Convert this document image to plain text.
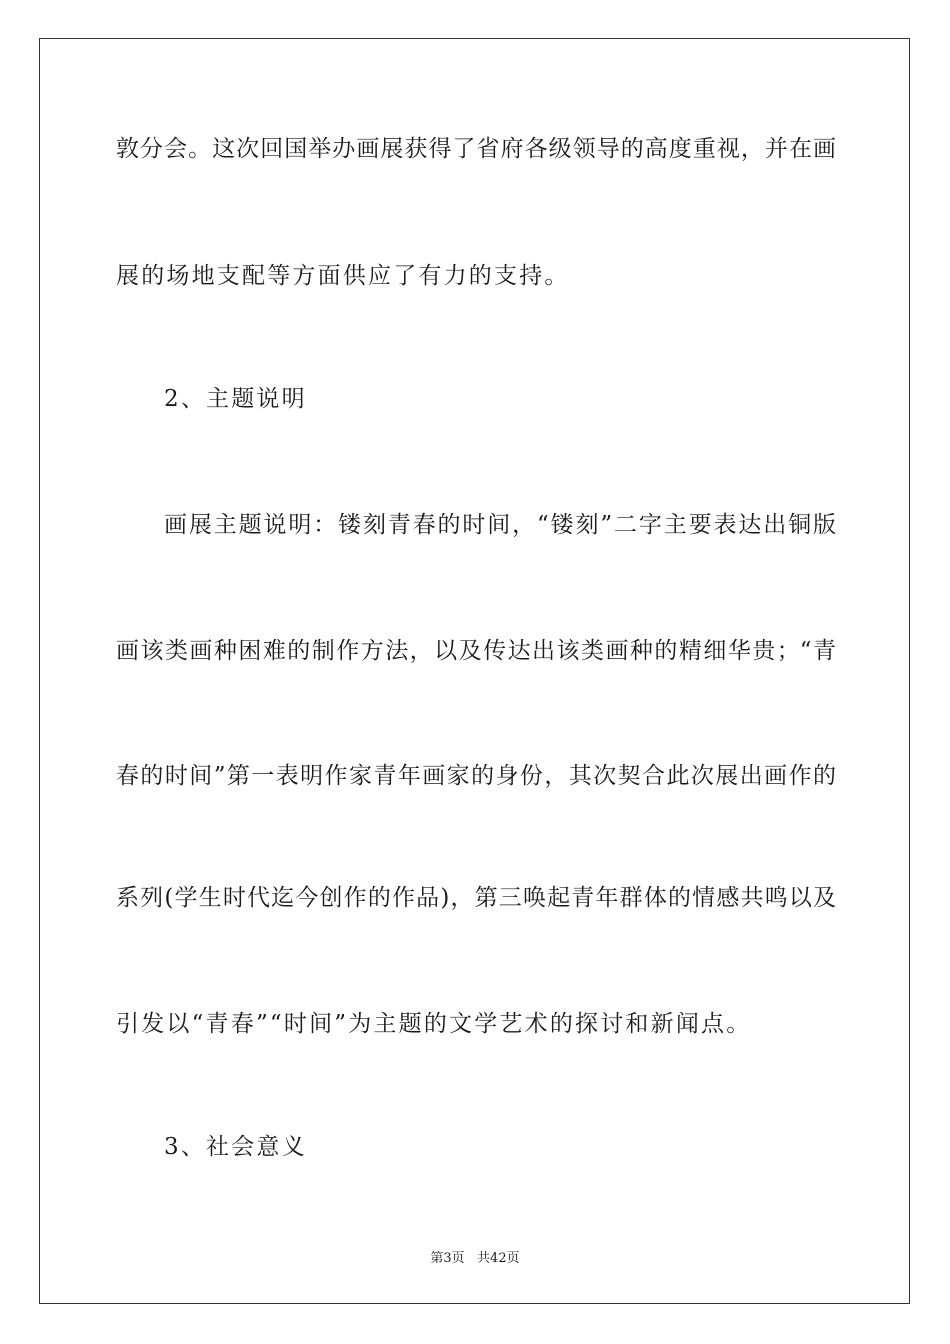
敦分会。这次回国举办画展获得了省府各级领导的高度重视，并在画
展的场地支配等方面供应了有力的支持。
2、主题说明
画展主题说明：镂刻青春的时间，“镂刻”二字主要表达出铜版
画该类画种困难的制作方法，以及传达出该类画种的精细华贵；“青
春的时间”第一表明作家青年画家的身份，其次契合此次展出画作的
系列(学生时代迄今创作的作品)，第三唤起青年群体的情感共鸣以及
引发以“青春”“时间”为主题的文学艺术的探讨和新闻点。
3、社会意义
第3页   共42页
